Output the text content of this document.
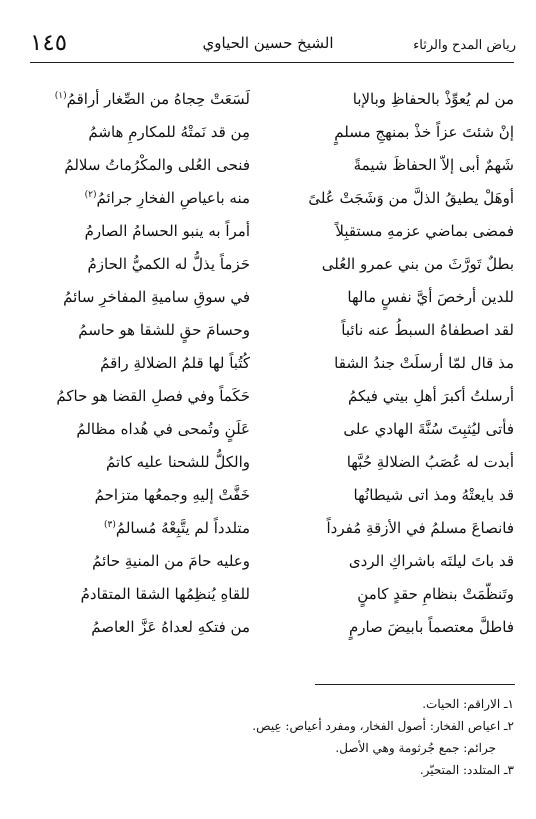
رياض المدح والرثاء
الشيخ حسين الحياوي
١٤٥
من لم يُعوِّذْ بالحفاظِ وبالإبا
لَسَعَتْ حِجاهُ من الصِّغار أراقمُ$^{(١)}$
إنْ شئتَ عزاً خذْ بمنهجِ مسلمٍ
مِن قد نَمتْهُ للمكارمِ هاشمُ
شَهمٌ أبى إلاّ الحفاظَ شيمةً
فنحى العُلى والمكْرُماتُ سلالمُ
أوهَلْ يطيقُ الذلَّ من وَشَجَتْ عُلىً
منه باعياصِ الفخارِ جرائمُ$^{(٢)}$
فمضى بماضي عزمهِ مستقبِلاً
أمراً به ينبو الحسامُ الصارمُ
بطلٌ تَورَّثَ من بني عمرو العُلى
حَزماً يذلُّ له الكميُّ الحازمُ
للدين أرخصَ أيَّ نفسٍ مالها
في سوقِ ساميةِ المفاخرِ سائمُ
لقد اصطفاهُ السبطُ عنه نائباً
وحسامَ حقٍ للشقا هو حاسمُ
مذ قال لمّا أرسلَتْ جندُ الشقا
كُتُباً لها قلمُ الضلالةِ راقمُ
أرسلتُ أكبرَ أهلِ بيتي فيكمُ
حَكَماً وفي فصلِ القضا هو حاكمُ
فأتى ليُثبِتَ سُنَّةَ الهادي على
عَلَنٍ وتُمحى في هُداه مظالمُ
أبدت له عُصَبُ الضلالةِ حُبَّها
والكلُّ للشحنا عليه كاتمُ
قد بايعتْهُ ومذ اتى شيطانُها
خَفَّتْ إليهِ وجمعُها متزاحمُ
فانصاعَ مسلمُ في الأزقةِ مُفرداً
متلدداً لم يتَّبِعْهُ مُسالمُ$^{(٣)}$
قد باتَ ليلتَه باشراكِ الردى
وعليه حامَ من المنيةِ حائمُ
وتَنظّمَتْ بنظامِ حقدٍ كامنٍ
للقاهِ يُنظِمُها الشقا المتقادمُ
فاطلَّ معتصماً بابيضَ صارمٍ
من فتكهِ لعداهُ عَزَّ العاصمُ
١ـ الاراقم: الحيات.
٢ـ اعياص الفخار: أصول الفخار، ومفرد أعياص: عِيص.
جرائم: جمع جُرثومة وهي الأصل.
٣ـ المتلدد: المتحيّر.
